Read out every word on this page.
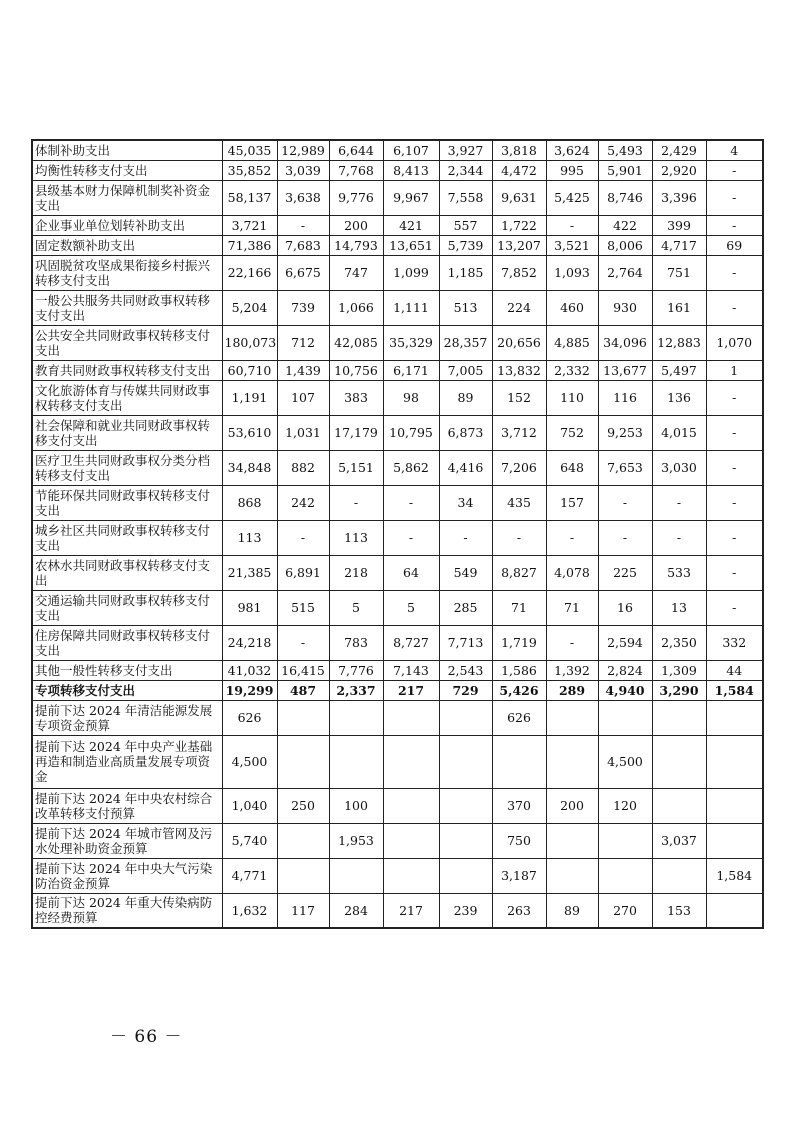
体制补助支出	45,035	12,989	6,644	6,107	3,927	3,818	3,624	5,493	2,429	4
均衡性转移支付支出	35,852	3,039	7,768	8,413	2,344	4,472	995	5,901	2,920	-
县级基本财力保障机制奖补资金支出	58,137	3,638	9,776	9,967	7,558	9,631	5,425	8,746	3,396	-
企业事业单位划转补助支出	3,721	-	200	421	557	1,722	-	422	399	-
固定数额补助支出	71,386	7,683	14,793	13,651	5,739	13,207	3,521	8,006	4,717	69
巩固脱贫攻坚成果衔接乡村振兴转移支付支出	22,166	6,675	747	1,099	1,185	7,852	1,093	2,764	751	-
一般公共服务共同财政事权转移支付支出	5,204	739	1,066	1,111	513	224	460	930	161	-
公共安全共同财政事权转移支付支出	180,073	712	42,085	35,329	28,357	20,656	4,885	34,096	12,883	1,070
教育共同财政事权转移支付支出	60,710	1,439	10,756	6,171	7,005	13,832	2,332	13,677	5,497	1
文化旅游体育与传媒共同财政事权转移支付支出	1,191	107	383	98	89	152	110	116	136	-
社会保障和就业共同财政事权转移支付支出	53,610	1,031	17,179	10,795	6,873	3,712	752	9,253	4,015	-
医疗卫生共同财政事权分类分档转移支付支出	34,848	882	5,151	5,862	4,416	7,206	648	7,653	3,030	-
节能环保共同财政事权转移支付支出	868	242	-	-	34	435	157	-	-	-
城乡社区共同财政事权转移支付支出	113	-	113	-	-	-	-	-	-	-
农林水共同财政事权转移支付支出	21,385	6,891	218	64	549	8,827	4,078	225	533	-
交通运输共同财政事权转移支付支出	981	515	5	5	285	71	71	16	13	-
住房保障共同财政事权转移支付支出	24,218	-	783	8,727	7,713	1,719	-	2,594	2,350	332
其他一般性转移支付支出	41,032	16,415	7,776	7,143	2,543	1,586	1,392	2,824	1,309	44
专项转移支付支出	19,299	487	2,337	217	729	5,426	289	4,940	3,290	1,584
提前下达 2024 年清洁能源发展专项资金预算	626					626				
提前下达 2024 年中央产业基础再造和制造业高质量发展专项资金	4,500							4,500		
提前下达 2024 年中央农村综合改革转移支付预算	1,040	250	100			370	200	120		
提前下达 2024 年城市管网及污水处理补助资金预算	5,740		1,953			750			3,037	
提前下达 2024 年中央大气污染防治资金预算	4,771					3,187				1,584
提前下达 2024 年重大传染病防控经费预算	1,632	117	284	217	239	263	89	270	153	
－ 66 －
